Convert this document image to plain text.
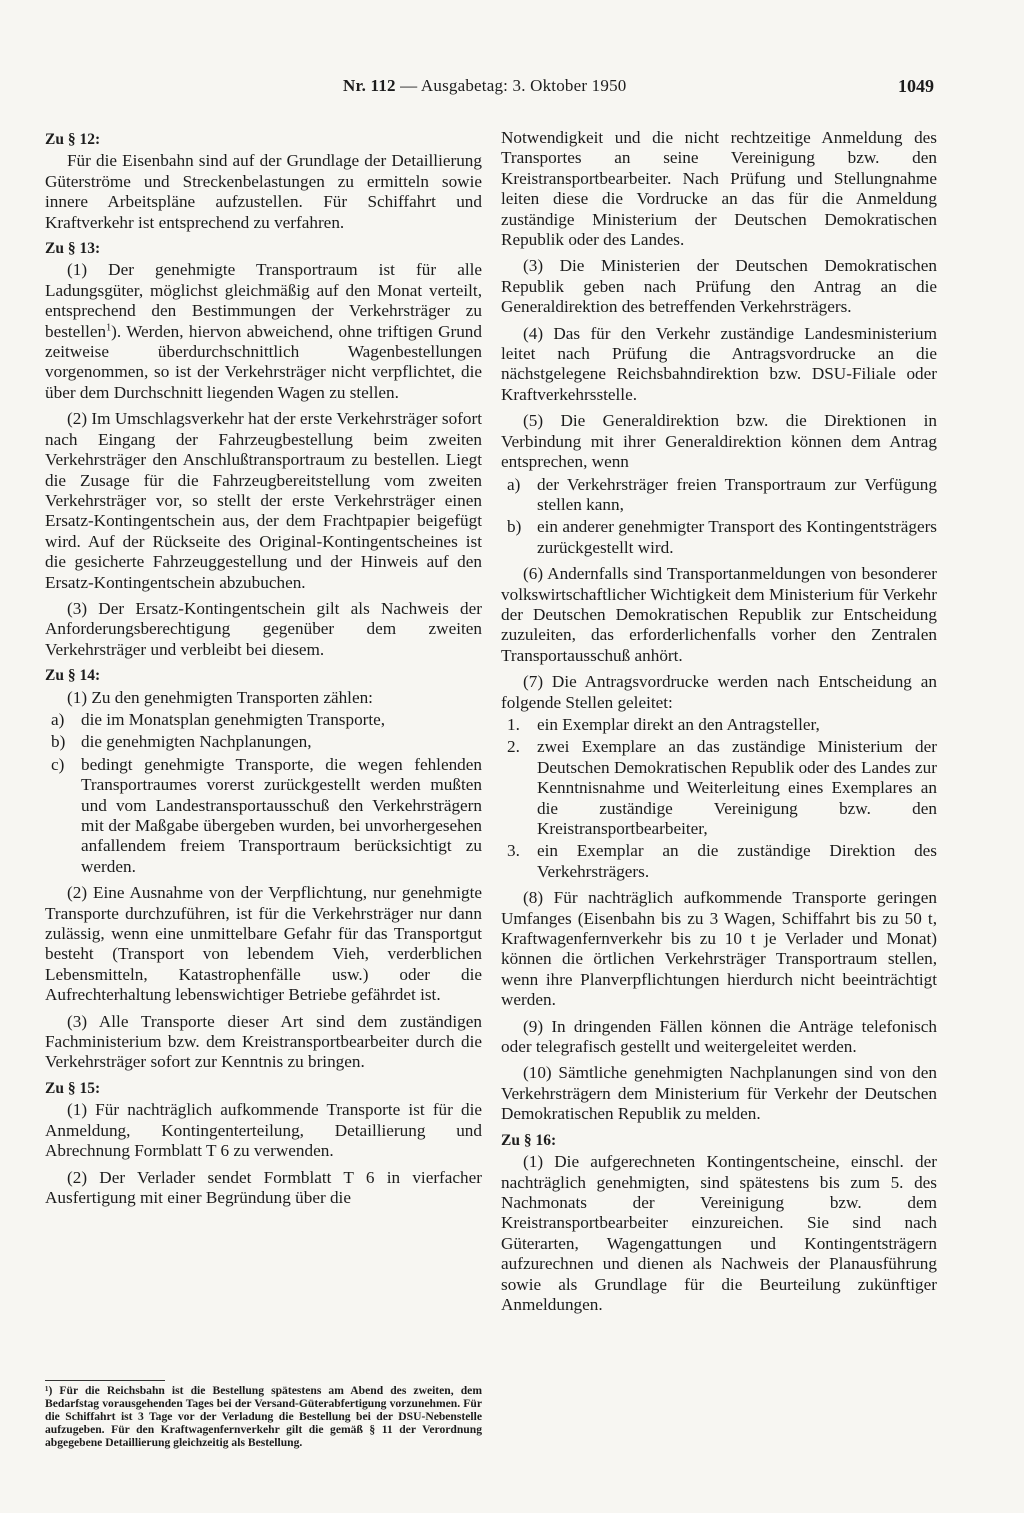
Nr. 112 — Ausgabetag: 3. Oktober 1950	1049
Zu § 12:

Für die Eisenbahn sind auf der Grundlage der Detaillierung Güterströme und Streckenbelastungen zu ermitteln sowie innere Arbeitspläne aufzustellen. Für Schiffahrt und Kraftverkehr ist entsprechend zu verfahren.

Zu § 13:

(1) Der genehmigte Transportraum ist für alle Ladungsgüter, möglichst gleichmäßig auf den Monat verteilt, entsprechend den Bestimmungen der Verkehrsträger zu bestellen$^1$). Werden, hiervon abweichend, ohne triftigen Grund zeitweise überdurchschnittlich Wagenbestellungen vorgenommen, so ist der Verkehrsträger nicht verpflichtet, die über dem Durchschnitt liegenden Wagen zu stellen.

(2) Im Umschlagsverkehr hat der erste Verkehrsträger sofort nach Eingang der Fahrzeugbestellung beim zweiten Verkehrsträger den Anschlußtransportraum zu bestellen. Liegt die Zusage für die Fahrzeugbereitstellung vom zweiten Verkehrsträger vor, so stellt der erste Verkehrsträger einen Ersatz-Kontingentschein aus, der dem Frachtpapier beigefügt wird. Auf der Rückseite des Original-Kontingentscheines ist die gesicherte Fahrzeuggestellung und der Hinweis auf den Ersatz-Kontingentschein abzubuchen.

(3) Der Ersatz-Kontingentschein gilt als Nachweis der Anforderungsberechtigung gegenüber dem zweiten Verkehrsträger und verbleibt bei diesem.

Zu § 14:

(1) Zu den genehmigten Transporten zählen:

a) die im Monatsplan genehmigten Transporte,
b) die genehmigten Nachplanungen,
c) bedingt genehmigte Transporte, die wegen fehlenden Transportraumes vorerst zurückgestellt werden mußten und vom Landestransportausschuß den Verkehrsträgern mit der Maßgabe übergeben wurden, bei unvorhergesehen anfallendem freiem Transportraum berücksichtigt zu werden.

(2) Eine Ausnahme von der Verpflichtung, nur genehmigte Transporte durchzuführen, ist für die Verkehrsträger nur dann zulässig, wenn eine unmittelbare Gefahr für das Transportgut besteht (Transport von lebendem Vieh, verderblichen Lebensmitteln, Katastrophenfälle usw.) oder die Aufrechterhaltung lebenswichtiger Betriebe gefährdet ist.

(3) Alle Transporte dieser Art sind dem zuständigen Fachministerium bzw. dem Kreistransportbearbeiter durch die Verkehrsträger sofort zur Kenntnis zu bringen.

Zu § 15:

(1) Für nachträglich aufkommende Transporte ist für die Anmeldung, Kontingenterteilung, Detaillierung und Abrechnung Formblatt T 6 zu verwenden.

(2) Der Verlader sendet Formblatt T 6 in vierfacher Ausfertigung mit einer Begründung über die

¹) Für die Reichsbahn ist die Bestellung spätestens am Abend des zweiten, dem Bedarfstag vorausgehenden Tages bei der Versand-Güterabfertigung vorzunehmen. Für die Schiffahrt ist 3 Tage vor der Verladung die Bestellung bei der DSU-Nebenstelle aufzugeben. Für den Kraftwagenfernverkehr gilt die gemäß § 11 der Verordnung abgegebene Detaillierung gleichzeitig als Bestellung.

Notwendigkeit und die nicht rechtzeitige Anmeldung des Transportes an seine Vereinigung bzw. den Kreistransportbearbeiter. Nach Prüfung und Stellungnahme leiten diese die Vordrucke an das für die Anmeldung zuständige Ministerium der Deutschen Demokratischen Republik oder des Landes.

(3) Die Ministerien der Deutschen Demokratischen Republik geben nach Prüfung den Antrag an die Generaldirektion des betreffenden Verkehrsträgers.

(4) Das für den Verkehr zuständige Landesministerium leitet nach Prüfung die Antragsvordrucke an die nächstgelegene Reichsbahndirektion bzw. DSU-Filiale oder Kraftverkehrsstelle.

(5) Die Generaldirektion bzw. die Direktionen in Verbindung mit ihrer Generaldirektion können dem Antrag entsprechen, wenn

a) der Verkehrsträger freien Transportraum zur Verfügung stellen kann,
b) ein anderer genehmigter Transport des Kontingentsträgers zurückgestellt wird.

(6) Andernfalls sind Transportanmeldungen von besonderer volkswirtschaftlicher Wichtigkeit dem Ministerium für Verkehr der Deutschen Demokratischen Republik zur Entscheidung zuzuleiten, das erforderlichenfalls vorher den Zentralen Transportausschuß anhört.

(7) Die Antragsvordrucke werden nach Entscheidung an folgende Stellen geleitet:

1. ein Exemplar direkt an den Antragsteller,
2. zwei Exemplare an das zuständige Ministerium der Deutschen Demokratischen Republik oder des Landes zur Kenntnisnahme und Weiterleitung eines Exemplares an die zuständige Vereinigung bzw. den Kreistransportbearbeiter,
3. ein Exemplar an die zuständige Direktion des Verkehrsträgers.

(8) Für nachträglich aufkommende Transporte geringen Umfanges (Eisenbahn bis zu 3 Wagen, Schiffahrt bis zu 50 t, Kraftwagenfernverkehr bis zu 10 t je Verlader und Monat) können die örtlichen Verkehrsträger Transportraum stellen, wenn ihre Planverpflichtungen hierdurch nicht beeinträchtigt werden.

(9) In dringenden Fällen können die Anträge telefonisch oder telegrafisch gestellt und weitergeleitet werden.

(10) Sämtliche genehmigten Nachplanungen sind von den Verkehrsträgern dem Ministerium für Verkehr der Deutschen Demokratischen Republik zu melden.

Zu § 16:

(1) Die aufgerechneten Kontingentscheine, einschl. der nachträglich genehmigten, sind spätestens bis zum 5. des Nachmonats der Vereinigung bzw. dem Kreistransportbearbeiter einzureichen. Sie sind nach Güterarten, Wagengattungen und Kontingentsträgern aufzurechnen und dienen als Nachweis der Planausführung sowie als Grundlage für die Beurteilung zukünftiger Anmeldungen.
